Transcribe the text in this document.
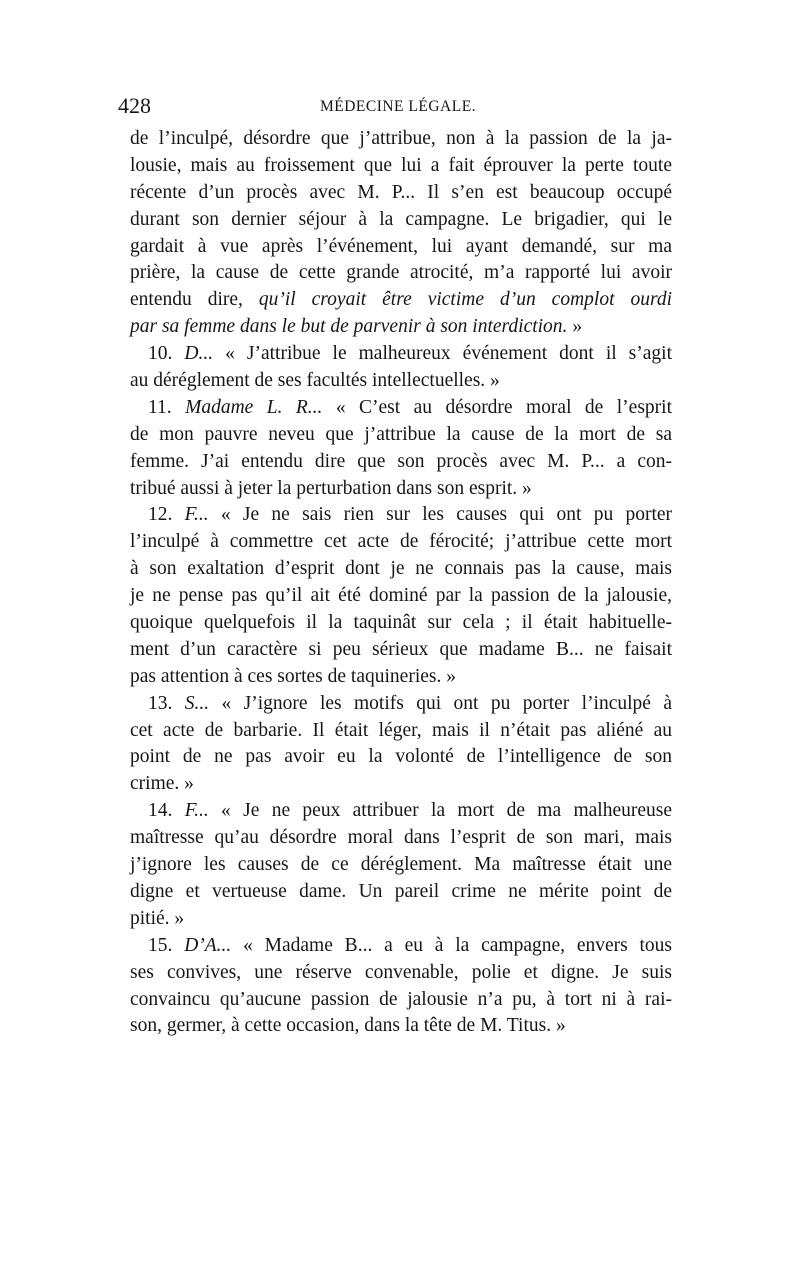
428	MÉDECINE LÉGALE.
de l’inculpé, désordre que j’attribue, non à la passion de la ja-
lousie, mais au froissement que lui a fait éprouver la perte toute
récente d’un procès avec M. P... Il s’en est beaucoup occupé
durant son dernier séjour à la campagne. Le brigadier, qui le
gardait à vue après l’événement, lui ayant demandé, sur ma
prière, la cause de cette grande atrocité, m’a rapporté lui avoir
entendu dire, qu’il croyait être victime d’un complot ourdi
par sa femme dans le but de parvenir à son interdiction. »
10. D... « J’attribue le malheureux événement dont il s’agit
au déréglement de ses facultés intellectuelles. »
11. Madame L. R... « C’est au désordre moral de l’esprit
de mon pauvre neveu que j’attribue la cause de la mort de sa
femme. J’ai entendu dire que son procès avec M. P... a con-
tribué aussi à jeter la perturbation dans son esprit. »
12. F... « Je ne sais rien sur les causes qui ont pu porter
l’inculpé à commettre cet acte de férocité; j’attribue cette mort
à son exaltation d’esprit dont je ne connais pas la cause, mais
je ne pense pas qu’il ait été dominé par la passion de la jalousie,
quoique quelquefois il la taquinât sur cela ; il était habituelle-
ment d’un caractère si peu sérieux que madame B... ne faisait
pas attention à ces sortes de taquineries. »
13. S... « J’ignore les motifs qui ont pu porter l’inculpé à
cet acte de barbarie. Il était léger, mais il n’était pas aliéné au
point de ne pas avoir eu la volonté de l’intelligence de son
crime. »
14. F... « Je ne peux attribuer la mort de ma malheureuse
maîtresse qu’au désordre moral dans l’esprit de son mari, mais
j’ignore les causes de ce déréglement. Ma maîtresse était une
digne et vertueuse dame. Un pareil crime ne mérite point de
pitié. »
15. D’A... « Madame B... a eu à la campagne, envers tous
ses convives, une réserve convenable, polie et digne. Je suis
convaincu qu’aucune passion de jalousie n’a pu, à tort ni à rai-
son, germer, à cette occasion, dans la tête de M. Titus. »
